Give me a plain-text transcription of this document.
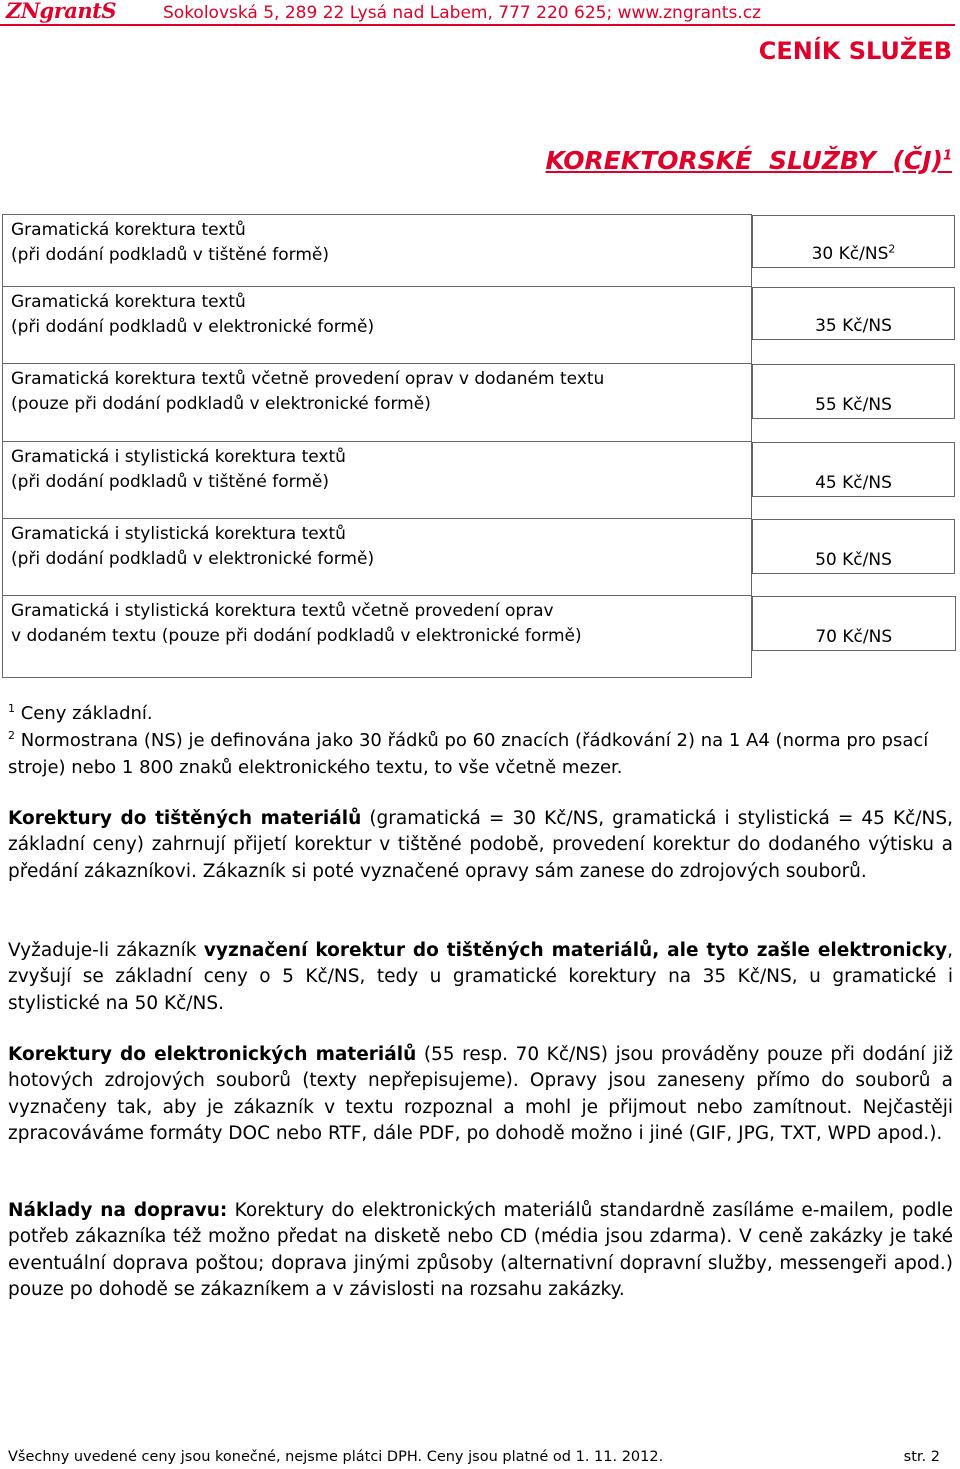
ZNgrantS	Sokolovská 5, 289 22 Lysá nad Labem, 777 220 625; www.zngrants.cz
CENÍK SLUŽEB
KOREKTORSKÉ SLUŽBY (ČJ)$^1$
Gramatická korektura textů
(při dodání podkladů v tištěné formě)
		30 $Kč/NS^2$

Gramatická korektura textů
(při dodání podkladů v elektronické formě)
		35 Kč/NS

Gramatická korektura textů včetně provedení oprav v dodaném textu
(pouze při dodání podkladů v elektronické formě)
		55 Kč/NS

Gramatická i stylistická korektura textů
(při dodání podkladů v tištěné formě)
		45 Kč/NS

Gramatická i stylistická korektura textů
(při dodání podkladů v elektronické formě)
		50 Kč/NS

Gramatická i stylistická korektura textů včetně provedení oprav
v dodaném textu (pouze při dodání podkladů v elektronické formě)
		70 Kč/NS

$^1$ Ceny základní.

$^2$ Normostrana (NS) je definována jako 30 řádků po 60 znacích (řádkování 2) na 1 A4 (norma pro psací stroje) nebo 1 800 znaků elektronického textu, to vše včetně mezer.

Korektury do tištěných materiálů (gramatická = 30 Kč/NS, gramatická i stylistická = 45 Kč/NS, základní ceny) zahrnují přijetí korektur v tištěné podobě, provedení korektur do dodaného výtisku a předání zákazníkovi. Zákazník si poté vyznačené opravy sám zanese do zdrojových souborů.

Vyžaduje-li zákazník vyznačení korektur do tištěných materiálů, ale tyto zašle elektronicky, zvyšují se základní ceny o 5 Kč/NS, tedy u gramatické korektury na 35 Kč/NS, u gramatické i stylistické na 50 Kč/NS.

Korektury do elektronických materiálů (55 resp. 70 Kč/NS) jsou prováděny pouze při dodání již hotových zdrojových souborů (texty nepřepisujeme). Opravy jsou zaneseny přímo do souborů a vyznačeny tak, aby je zákazník v textu rozpoznal a mohl je přijmout nebo zamítnout. Nejčastěji zpracováváme formáty DOC nebo RTF, dále PDF, po dohodě možno i jiné (GIF, JPG, TXT, WPD apod.).

Náklady na dopravu: Korektury do elektronických materiálů standardně zasíláme e-mailem, podle potřeb zákazníka též možno předat na disketě nebo CD (média jsou zdarma). V ceně zakázky je také eventuální doprava poštou; doprava jinými způsoby (alternativní dopravní služby, messengeři apod.) pouze po dohodě se zákazníkem a v závislosti na rozsahu zakázky.

Všechny uvedené ceny jsou konečné, nejsme plátci DPH. Ceny jsou platné od 1. 11. 2012.	str. 2
